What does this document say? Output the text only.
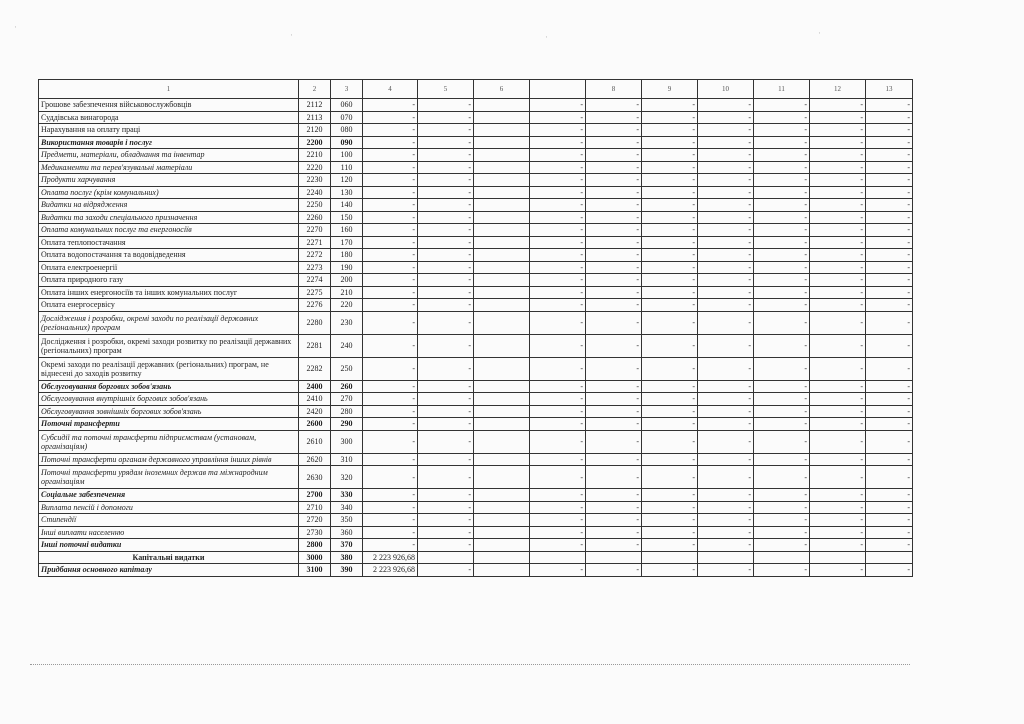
·
·	·	·
1	2	3	4	5	6		8	9	10	11	12	13
Грошове забезпечення військовослужбовців	2112	060	-	-		-	-	-	-	-	-	-
Суддівська винагорода	2113	070	-	-		-	-	-	-	-	-	-
Нарахування на оплату праці	2120	080	-	-		-	-	-	-	-	-	-
Використання товарів і послуг	2200	090	-	-		-	-	-	-	-	-	-
Предмети, матеріали, обладнання та інвентар	2210	100	-	-		-	-	-	-	-	-	-
Медикаменти та перев'язувальні матеріали	2220	110	-	-		-	-	-	-	-	-	-
Продукти харчування	2230	120	-	-		-	-	-	-	-	-	-
Оплата послуг (крім комунальних)	2240	130	-	-		-	-	-	-	-	-	-
Видатки на відрядження	2250	140	-	-		-	-	-	-	-	-	-
Видатки та заходи спеціального призначення	2260	150	-	-		-	-	-	-	-	-	-
Оплата комунальних послуг та енергоносіїв	2270	160	-	-		-	-	-	-	-	-	-
Оплата теплопостачання	2271	170	-	-		-	-	-	-	-	-	-
Оплата водопостачання та водовідведення	2272	180	-	-		-	-	-	-	-	-	-
Оплата електроенергії	2273	190	-	-		-	-	-	-	-	-	-
Оплата природного газу	2274	200	-	-		-	-	-	-	-	-	-
Оплата інших енергоносіїв та інших комунальних послуг	2275	210	-	-		-	-	-	-	-	-	-
Оплата енергосервісу	2276	220	-	-		-	-	-	-	-	-	-
Дослідження і розробки, окремі заходи по реалізації державних (регіональних) програм	2280	230	-	-		-	-	-	-	-	-	-
Дослідження і розробки, окремі заходи розвитку по реалізації державних (регіональних) програм	2281	240	-	-		-	-	-	-	-	-	-
Окремі заходи по реалізації державних (регіональних) програм, не віднесені до заходів розвитку	2282	250	-	-		-	-	-	-	-	-	-
Обслуговування боргових зобов'язань	2400	260	-	-		-	-	-	-	-	-	-
Обслуговування внутрішніх боргових зобов'язань	2410	270	-	-		-	-	-	-	-	-	-
Обслуговування зовнішніх боргових зобов'язань	2420	280	-	-		-	-	-	-	-	-	-
Поточні трансферти	2600	290	-	-		-	-	-	-	-	-	-
Субсидії та поточні трансферти підприємствам (установам, організаціям)	2610	300	-	-		-	-	-	-	-	-	-
Поточні трансферти органам державного управління інших рівнів	2620	310	-	-		-	-	-	-	-	-	-
Поточні трансферти урядам іноземних держав та міжнародним організаціям	2630	320	-	-		-	-	-	-	-	-	-
Соціальне забезпечення	2700	330	-	-		-	-	-	-	-	-	-
Виплата пенсій і допомоги	2710	340	-	-		-	-	-	-	-	-	-
Стипендії	2720	350	-	-		-	-	-	-	-	-	-
Інші виплати населенню	2730	360	-	-		-	-	-	-	-	-	-
Інші поточні видатки	2800	370	-	-		-	-	-	-	-	-	-
Капітальні видатки	3000	380	2 223 926,68									
Придбання основного капіталу	3100	390	2 223 926,68	-		-	-	-	-	-	-	-
